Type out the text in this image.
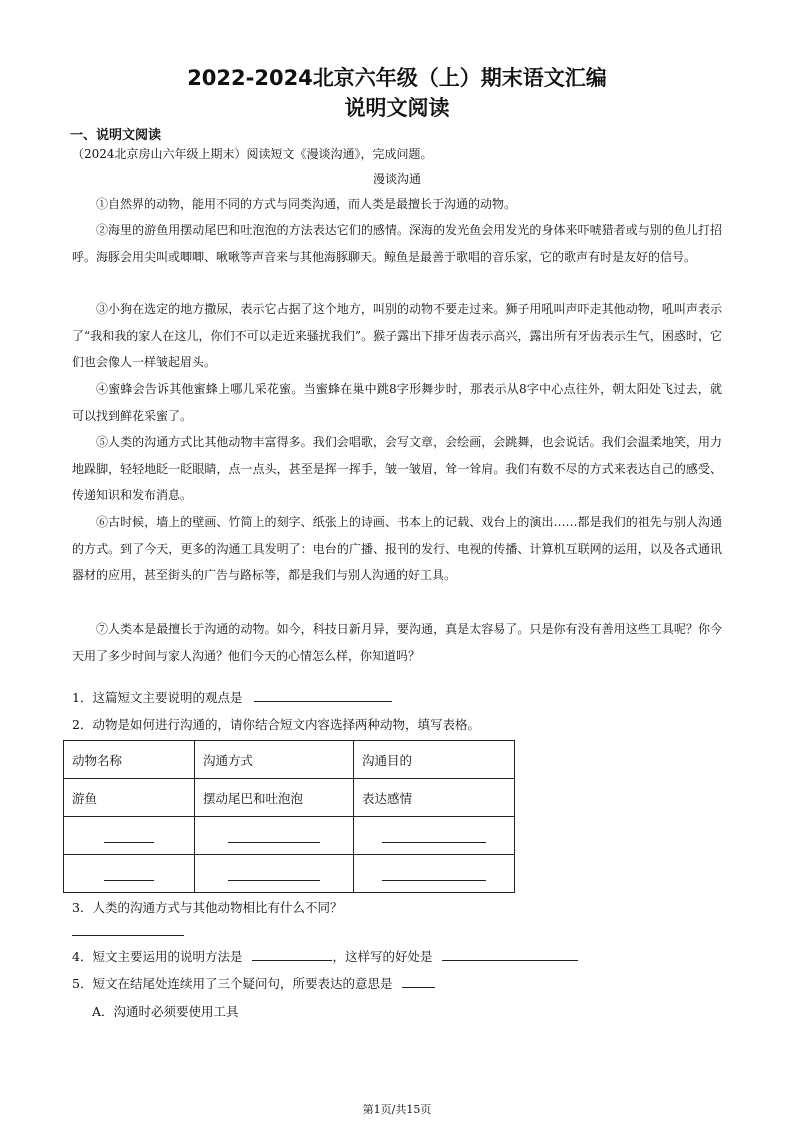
2022-2024北京六年级（上）期末语文汇编
说明文阅读
一、说明文阅读
（2024北京房山六年级上期末）阅读短文《漫谈沟通》，完成问题。
漫谈沟通
①自然界的动物，能用不同的方式与同类沟通，而人类是最擅长于沟通的动物。
②海里的游鱼用摆动尾巴和吐泡泡的方法表达它们的感情。深海的发光鱼会用发光的身体来吓唬猎者或与别的鱼儿打招呼。海豚会用尖叫或唧唧、啾啾等声音来与其他海豚聊天。鲸鱼是最善于歌唱的音乐家，它的歌声有时是友好的信号。
③小狗在选定的地方撒尿，表示它占据了这个地方，叫别的动物不要走过来。狮子用吼叫声吓走其他动物，吼叫声表示了“我和我的家人在这儿，你们不可以走近来骚扰我们”。猴子露出下排牙齿表示高兴，露出所有牙齿表示生气，困惑时，它们也会像人一样皱起眉头。
④蜜蜂会告诉其他蜜蜂上哪儿采花蜜。当蜜蜂在巢中跳8字形舞步时，那表示从8字中心点往外，朝太阳处飞过去，就可以找到鲜花采蜜了。
⑤人类的沟通方式比其他动物丰富得多。我们会唱歌，会写文章，会绘画，会跳舞，也会说话。我们会温柔地笑，用力地跺脚，轻轻地眨一眨眼睛，点一点头，甚至是挥一挥手，皱一皱眉，耸一耸肩。我们有数不尽的方式来表达自己的感受、传递知识和发布消息。
⑥古时候，墙上的壁画、竹简上的刻字、纸张上的诗画、书本上的记载、戏台上的演出……都是我们的祖先与别人沟通的方式。到了今天，更多的沟通工具发明了：电台的广播、报刊的发行、电视的传播、计算机互联网的运用，以及各式通讯器材的应用，甚至街头的广告与路标等，都是我们与别人沟通的好工具。
⑦人类本是最擅长于沟通的动物。如今，科技日新月异，要沟通，真是太容易了。只是你有没有善用这些工具呢？你今天用了多少时间与家人沟通？他们今天的心情怎么样，你知道吗？
1．这篇短文主要说明的观点是
2．动物是如何进行沟通的，请你结合短文内容选择两种动物，填写表格。
动物名称	沟通方式	沟通目的
游鱼	摆动尾巴和吐泡泡	表达感情

3．人类的沟通方式与其他动物相比有什么不同？
4．短文主要运用的说明方法是	，这样写的好处是
5．短文在结尾处连续用了三个疑问句，所要表达的意思是
A．沟通时必须要使用工具
第1页/共15页
